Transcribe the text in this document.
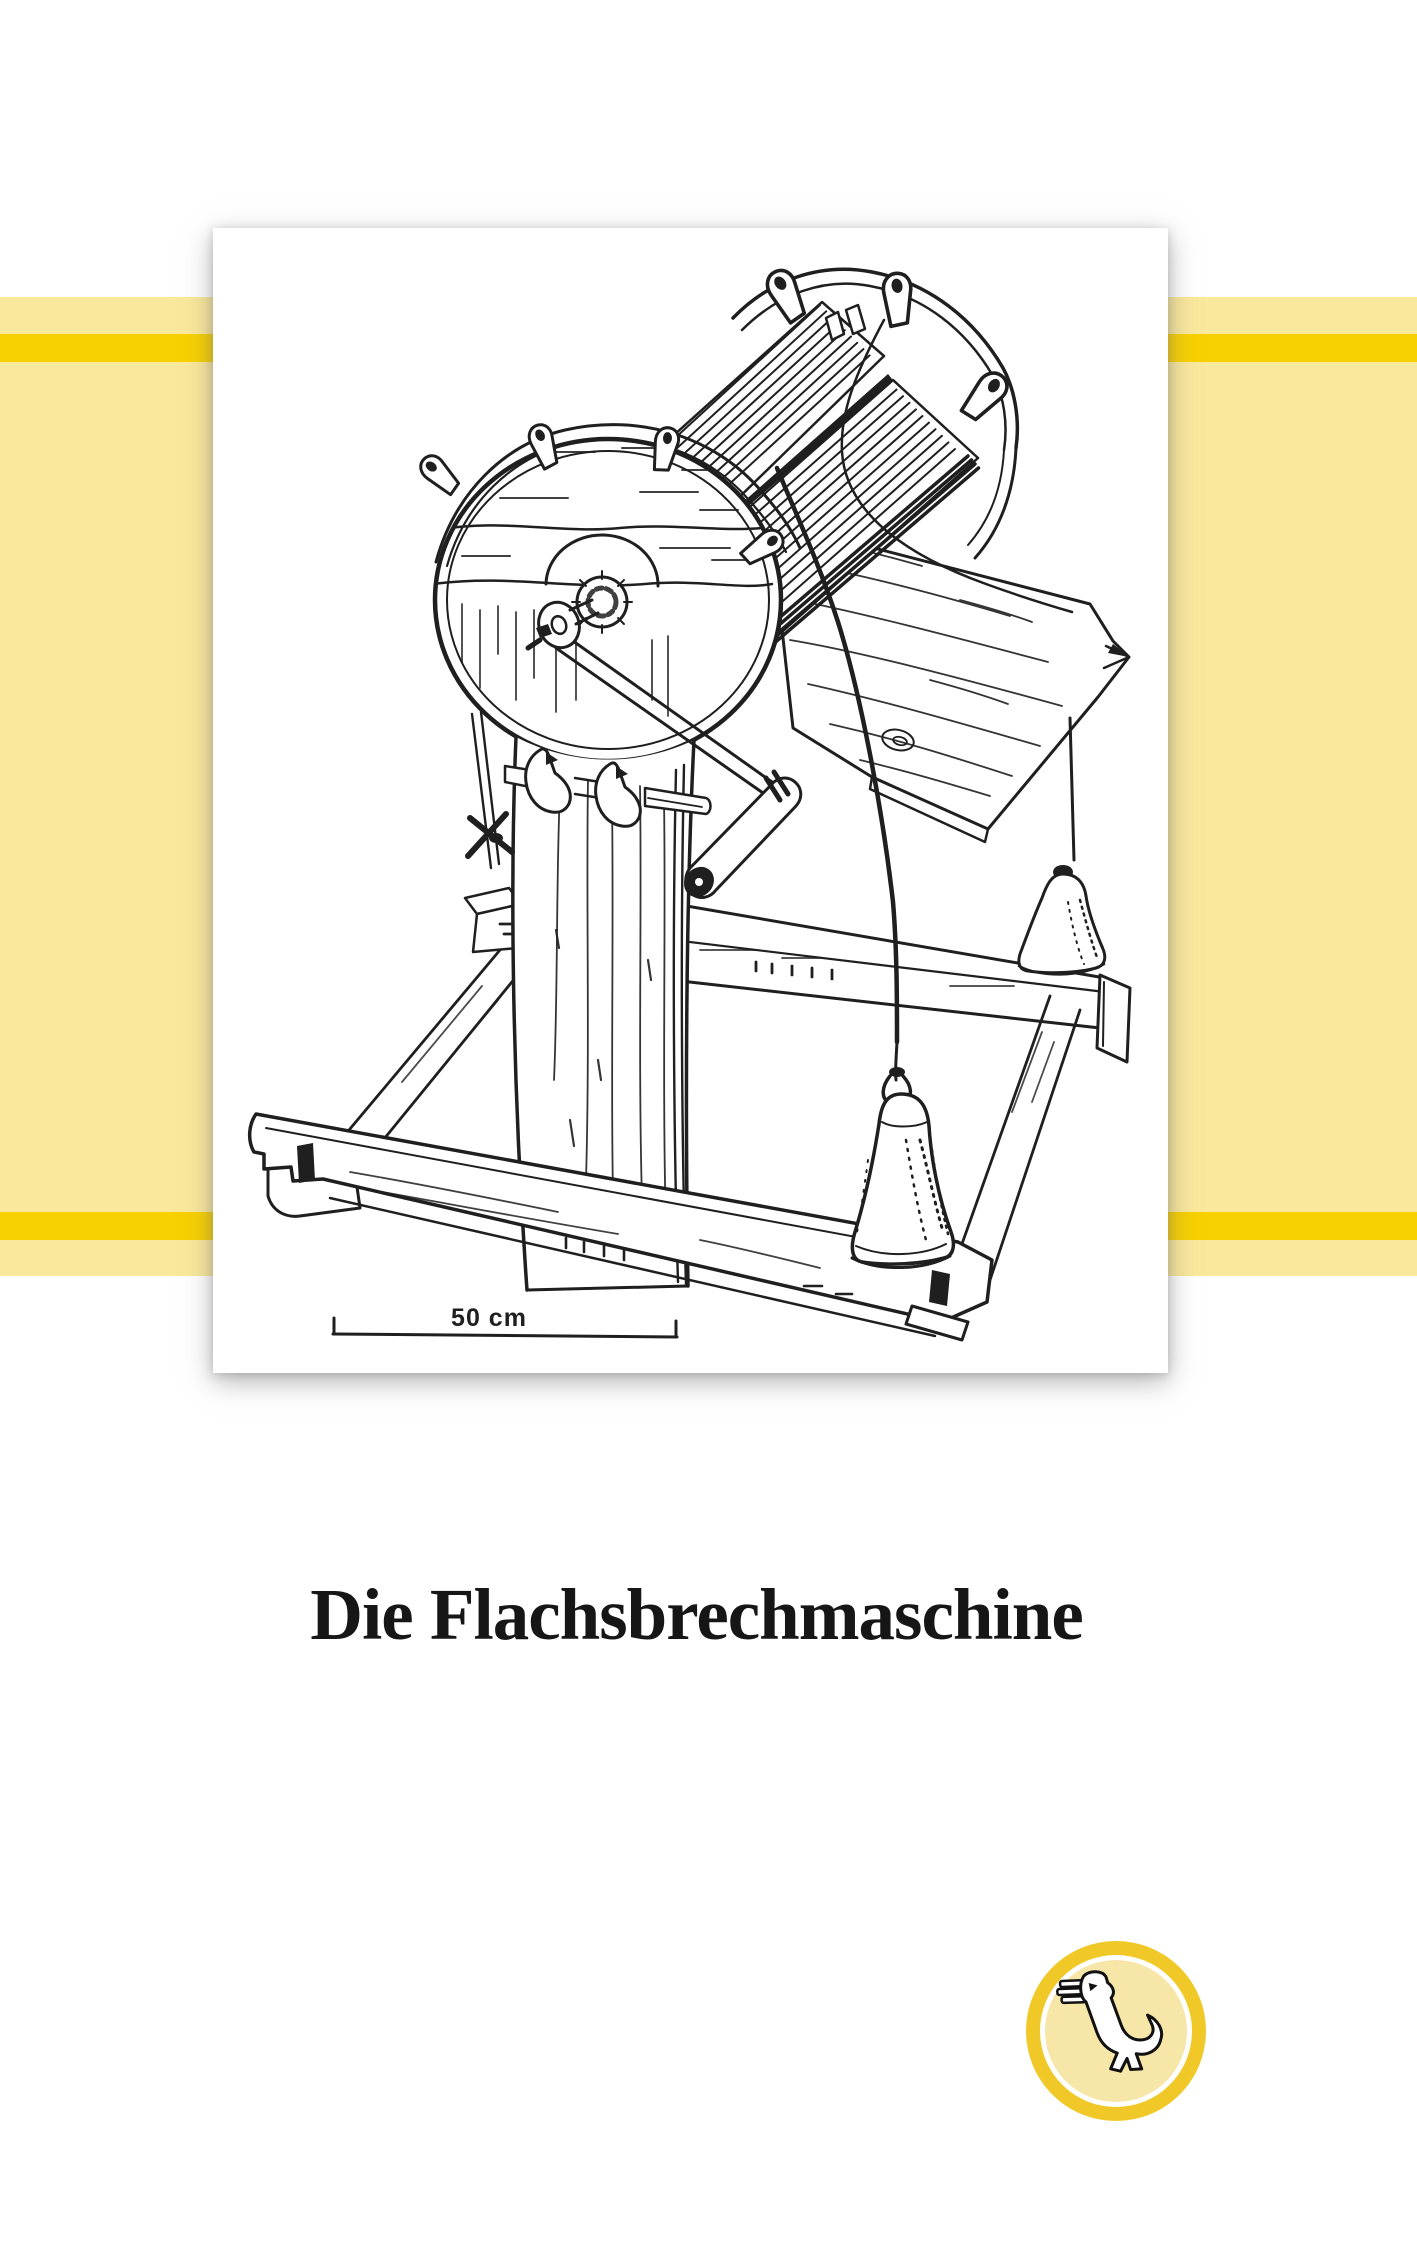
50 cm
Die Flachsbrechmaschine
